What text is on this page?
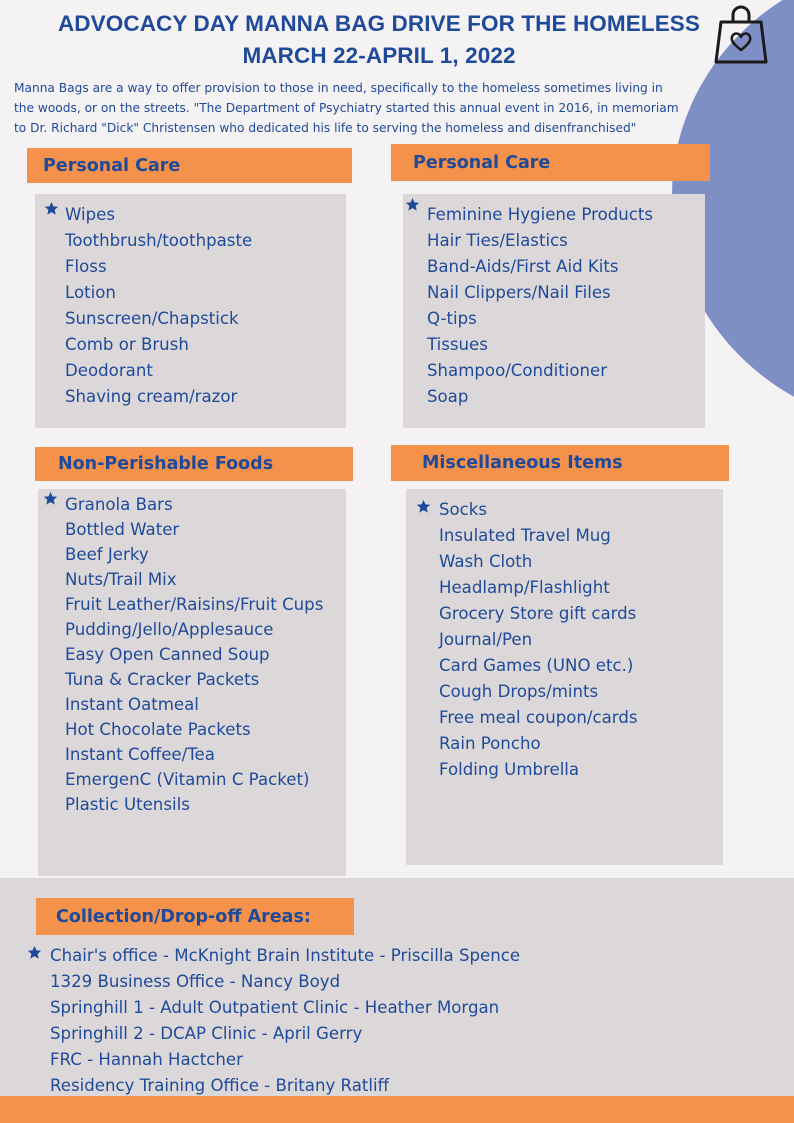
ADVOCACY DAY MANNA BAG DRIVE FOR THE HOMELESS
MARCH 22-APRIL 1, 2022
Manna Bags are a way to offer provision to those in need, specifically to the homeless sometimes living in
the woods, or on the streets. "The Department of Psychiatry started this annual event in 2016, in memoriam
to Dr. Richard "Dick" Christensen who dedicated his life to serving the homeless and disenfranchised"
Personal Care
Wipes
Toothbrush/toothpaste
Floss
Lotion
Sunscreen/Chapstick
Comb or Brush
Deodorant
Shaving cream/razor
Personal Care
Feminine Hygiene Products
Hair Ties/Elastics
Band-Aids/First Aid Kits
Nail Clippers/Nail Files
Q-tips
Tissues
Shampoo/Conditioner
Soap
Non-Perishable Foods
Granola Bars
Bottled Water
Beef Jerky
Nuts/Trail Mix
Fruit Leather/Raisins/Fruit Cups
Pudding/Jello/Applesauce
Easy Open Canned Soup
Tuna & Cracker Packets
Instant Oatmeal
Hot Chocolate Packets
Instant Coffee/Tea
EmergenC (Vitamin C Packet)
Plastic Utensils
Miscellaneous Items
Socks
Insulated Travel Mug
Wash Cloth
Headlamp/Flashlight
Grocery Store gift cards
Journal/Pen
Card Games (UNO etc.)
Cough Drops/mints
Free meal coupon/cards
Rain Poncho
Folding Umbrella
Collection/Drop-off Areas:
Chair's office - McKnight Brain Institute - Priscilla Spence
1329 Business Office - Nancy Boyd
Springhill 1 - Adult Outpatient Clinic - Heather Morgan
Springhill 2 - DCAP Clinic - April Gerry
FRC - Hannah Hactcher
Residency Training Office - Britany Ratliff
